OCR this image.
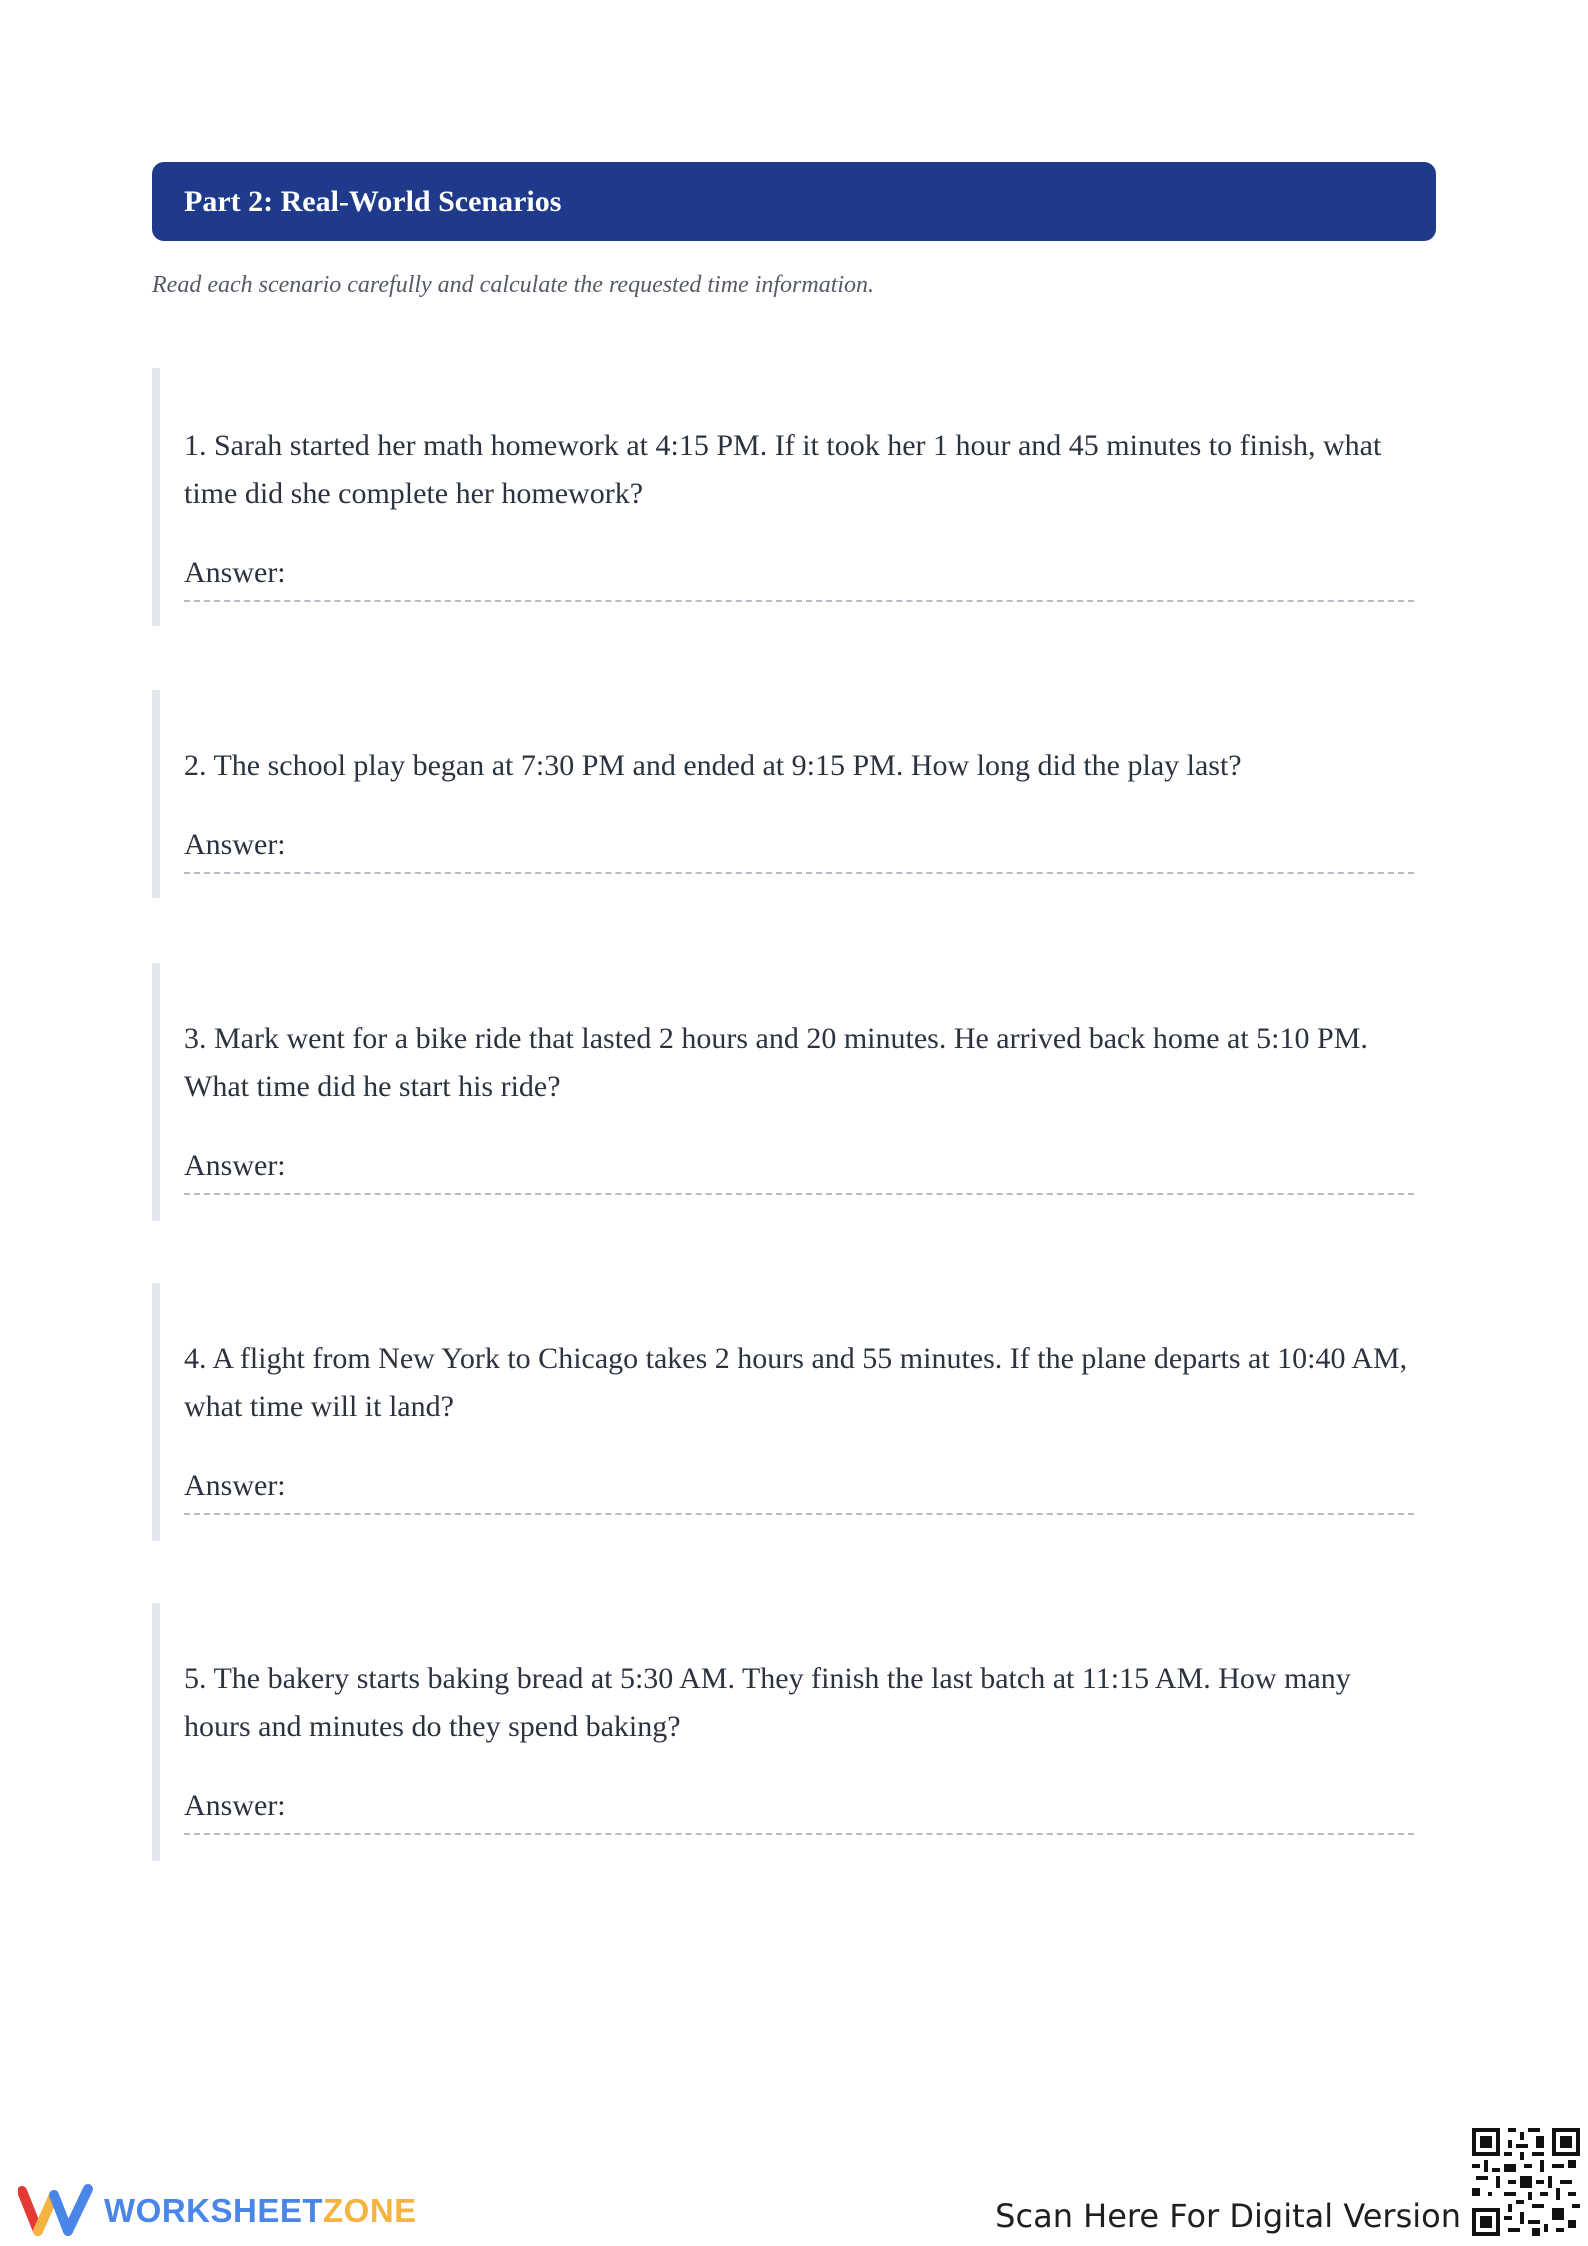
Part 2: Real-World Scenarios
Read each scenario carefully and calculate the requested time information.
1. Sarah started her math homework at 4:15 PM. If it took her 1 hour and 45 minutes to finish, what time did she complete her homework?
Answer:
2. The school play began at 7:30 PM and ended at 9:15 PM. How long did the play last?
Answer:
3. Mark went for a bike ride that lasted 2 hours and 20 minutes. He arrived back home at 5:10 PM. What time did he start his ride?
Answer:
4. A flight from New York to Chicago takes 2 hours and 55 minutes. If the plane departs at 10:40 AM, what time will it land?
Answer:
5. The bakery starts baking bread at 5:30 AM. They finish the last batch at 11:15 AM. How many hours and minutes do they spend baking?
Answer:
WORKSHEETZONE	Scan Here For Digital Version
